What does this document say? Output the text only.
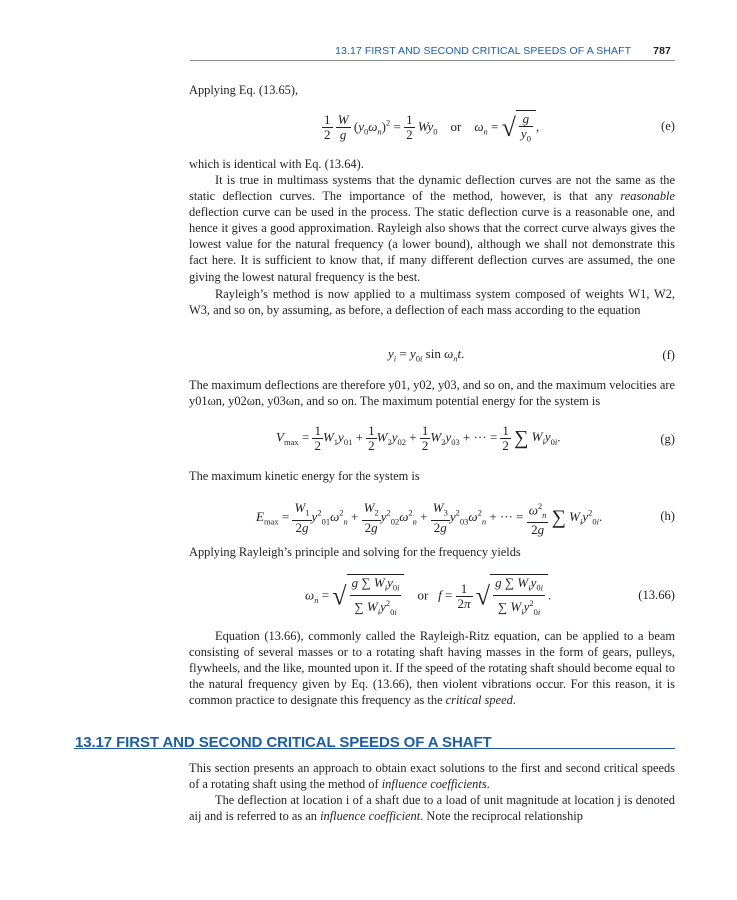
13.17 FIRST AND SECOND CRITICAL SPEEDS OF A SHAFT 787
Applying Eq. (13.65),
$\frac{1}{2}$
$\frac{W}{g} (y_0\omega_n)^2 = \frac{1}{2} Wy_0$ or $\omega_n$ = √ $\frac{g}{y_0}$ ,	(e)
which is identical with Eq. (13.64).
It is true in multimass systems that the dynamic deflection curves are not the same as the static deflection curves. The importance of the method, however, is that any reasonable deflection curve can be used in the process. The static deflection curve is a reasonable one, and hence it gives a good approximation. Rayleigh also shows that the correct curve always gives the lowest value for the natural frequency (a lower bound), although we shall not demonstrate this fact here. It is sufficient to know that, if many different deflection curves are assumed, the one giving the lowest natural frequency is the best.
Rayleigh’s method is now applied to a multimass system composed of weights W1, W2, W3, and so on, by assuming, as before, a deflection of each mass according to the equation
$y_i = y_{0i}$ $\sin \omega_nt$.	(f)
The maximum deflections are therefore y01, y02, y03, and so on, and the maximum velocities are y01ωn, y02ωn, y03ωn, and so on. The maximum potential energy for the system is
$V_{max} = \frac{1}{2} W_1y_{01} + \frac{1}{2} W_2y_{02} + \frac{1}{2} W_2y_{03}$ + ··· = $\frac{1}{2}$ ∑ $W_iy_{0i}$.	(g)
The maximum kinetic energy for the system is
$E_{max} = \frac{W_1}{2g} y^2_{01}\omega^2_n + \frac{W_2}{2g} y^2_{02}\omega^2_n + \frac{W_3}{2g} y^2_{03}\omega^2_n$ + ··· = $\frac{\omega^2_n}{2g}$ ∑ $W_iy^2_{0i}$.	(h)
Applying Rayleigh’s principle and solving for the frequency yields
$\omega_n$ = √ $\frac{g \sum W_iy_{0i}}{\sum W_iy^2_{0i}}$ or $f = \frac{1}{2\pi}$ √ $\frac{g \sum W_iy_{0i}}{\sum W_iy^2_{0i}}$ .	(13.66)
Equation (13.66), commonly called the Rayleigh-Ritz equation, can be applied to a beam consisting of several masses or to a rotating shaft having masses in the form of gears, pulleys, flywheels, and the like, mounted upon it. If the speed of the rotating shaft should become equal to the natural frequency given by Eq. (13.66), then violent vibrations occur. For this reason, it is common practice to designate this frequency as the critical speed.
13.17 FIRST AND SECOND CRITICAL SPEEDS OF A SHAFT
This section presents an approach to obtain exact solutions to the first and second critical speeds of a rotating shaft using the method of influence coefficients.
The deflection at location i of a shaft due to a load of unit magnitude at location j is denoted aij and is referred to as an influence coefficient. Note the reciprocal relationship
